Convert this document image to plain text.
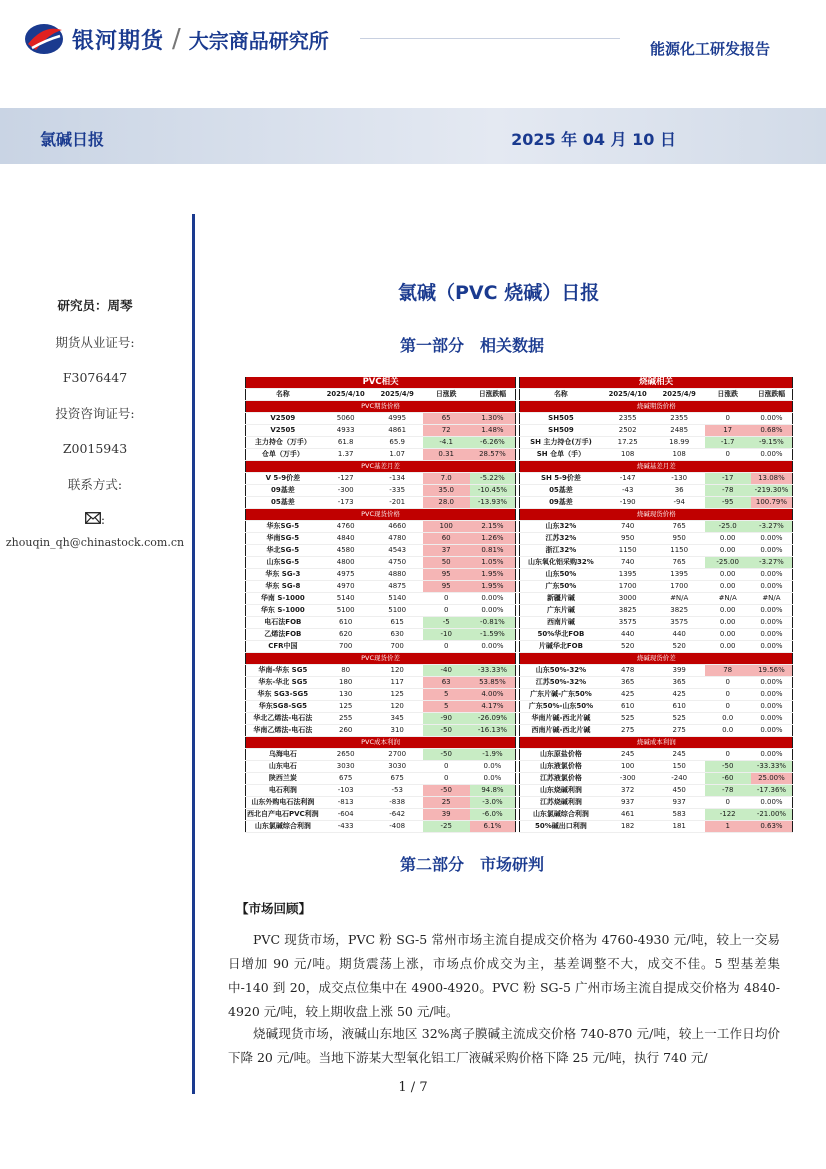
银河期货 / 大宗商品研究所	能源化工研发报告
氯碱日报	2025 年 04 月 10 日
研究员：周琴
期货从业证号:
F3076447
投资咨询证号:
Z0015943
联系方式:
:
zhouqin_qh@chinastock.com.cn
氯碱（PVC 烧碱）日报
第一部分　相关数据
PVC相关				
名称	2025/4/10	2025/4/9	日涨跌	日涨跌幅
PVC期货价格				
V2509	5060	4995	65	1.30%
V2505	4933	4861	72	1.48%
主力持仓（万手）	61.8	65.9	-4.1	-6.26%
仓单（万手）	1.37	1.07	0.31	28.57%
PVC基差月差				
V 5-9价差	-127	-134	7.0	-5.22%
09基差	-300	-335	35.0	-10.45%
05基差	-173	-201	28.0	-13.93%
PVC现货价格				
华东SG-5	4760	4660	100	2.15%
华南SG-5	4840	4780	60	1.26%
华北SG-5	4580	4543	37	0.81%
山东SG-5	4800	4750	50	1.05%
华东 SG-3	4975	4880	95	1.95%
华东 SG-8	4970	4875	95	1.95%
华南 S-1000	5140	5140	0	0.00%
华东 S-1000	5100	5100	0	0.00%
电石法FOB	610	615	-5	-0.81%
乙烯法FOB	620	630	-10	-1.59%
CFR中国	700	700	0	0.00%
PVC现货价差				
华南-华东 SG5	80	120	-40	-33.33%
华东-华北 SG5	180	117	63	53.85%
华东 SG3-SG5	130	125	5	4.00%
华东SG8-SG5	125	120	5	4.17%
华北乙烯法-电石法	255	345	-90	-26.09%
华南乙烯法-电石法	260	310	-50	-16.13%
PVC成本利润				
乌海电石	2650	2700	-50	-1.9%
山东电石	3030	3030	0	0.0%
陕西兰炭	675	675	0	0.0%
电石利润	-103	-53	-50	94.8%
山东外购电石法利润	-813	-838	25	-3.0%
西北自产电石PVC利润	-604	-642	39	-6.0%
山东氯碱综合利润	-433	-408	-25	6.1%
烧碱相关				
名称	2025/4/10	2025/4/9	日涨跌	日涨跌幅
烧碱期货价格				
SH505	2355	2355	0	0.00%
SH509	2502	2485	17	0.68%
SH 主力持仓(万手)	17.25	18.99	-1.7	-9.15%
SH 仓单（手）	108	108	0	0.00%
烧碱基差月差				
SH 5-9价差	-147	-130	-17	13.08%
05基差	-43	36	-78	-219.30%
09基差	-190	-94	-95	100.79%
烧碱现货价格				
山东32%	740	765	-25.0	-3.27%
江苏32%	950	950	0.00	0.00%
浙江32%	1150	1150	0.00	0.00%
山东氧化铝采购32%	740	765	-25.00	-3.27%
山东50%	1395	1395	0.00	0.00%
广东50%	1700	1700	0.00	0.00%
新疆片碱	3000	#N/A	#N/A	#N/A
广东片碱	3825	3825	0.00	0.00%
西南片碱	3575	3575	0.00	0.00%
50%华北FOB	440	440	0.00	0.00%
片碱华北FOB	520	520	0.00	0.00%
烧碱现货价差				
山东50%-32%	478	399	78	19.56%
江苏50%-32%	365	365	0	0.00%
广东片碱-广东50%	425	425	0	0.00%
广东50%-山东50%	610	610	0	0.00%
华南片碱-西北片碱	525	525	0.0	0.00%
西南片碱-西北片碱	275	275	0.0	0.00%
烧碱成本利润				
山东原盐价格	245	245	0	0.00%
山东液氯价格	100	150	-50	-33.33%
江苏液氯价格	-300	-240	-60	25.00%
山东烧碱利润	372	450	-78	-17.36%
江苏烧碱利润	937	937	0	0.00%
山东氯碱综合利润	461	583	-122	-21.00%
50%碱出口利润	182	181	1	0.63%
第二部分　市场研判
【市场回顾】
PVC 现货市场，PVC 粉 SG-5 常州市场主流自提成交价格为 4760-4930 元/吨，较上一交易日增加 90 元/吨。期货震荡上涨，市场点价成交为主，基差调整不大，成交不佳。5 型基差集中-140 到 20，成交点位集中在 4900-4920。PVC 粉 SG-5 广州市场主流自提成交价格为 4840-4920 元/吨，较上期收盘上涨 50 元/吨。
烧碱现货市场，液碱山东地区 32%离子膜碱主流成交价格 740-870 元/吨，较上一工作日均价下降 20 元/吨。当地下游某大型氧化铝工厂液碱采购价格下降 25 元/吨，执行 740 元/
1 / 7
